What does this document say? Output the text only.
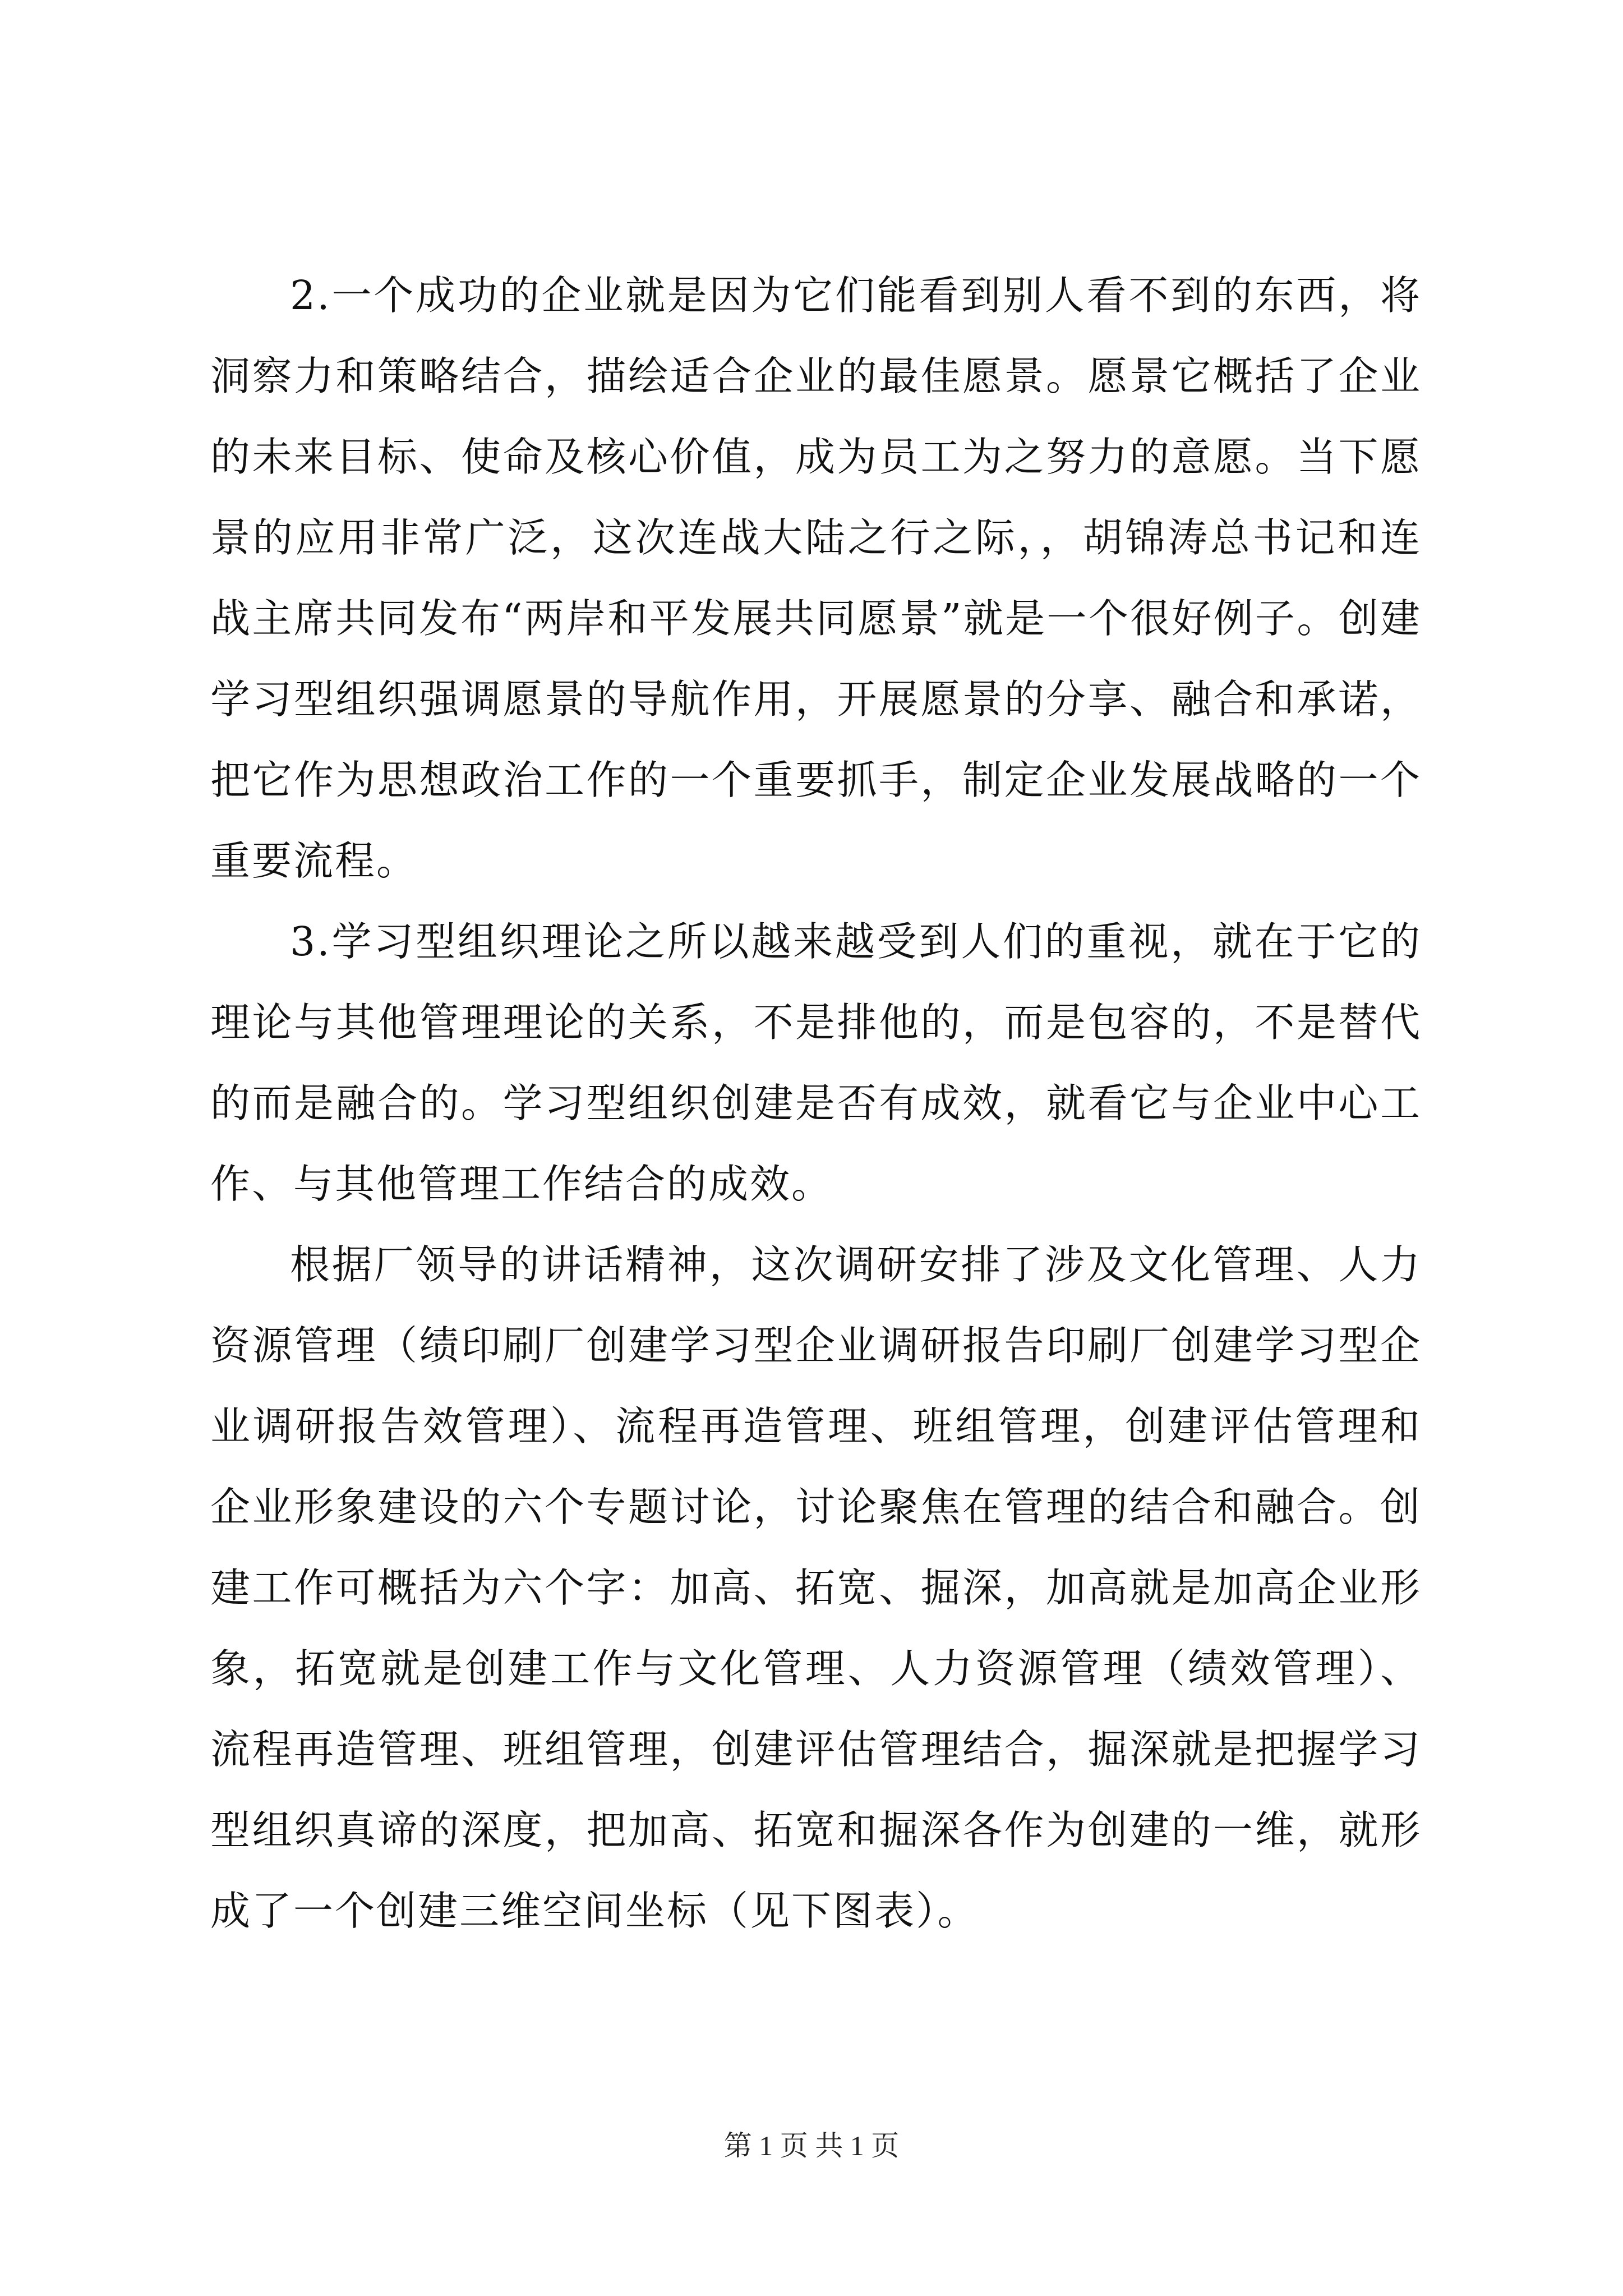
2.一个成功的企业就是因为它们能看到别人看不到的东西，将洞察力和策略结合，描绘适合企业的最佳愿景。愿景它概括了企业的未来目标、使命及核心价值，成为员工为之努力的意愿。当下愿景的应用非常广泛，这次连战大陆之行之际，，胡锦涛总书记和连战主席共同发布“两岸和平发展共同愿景”就是一个很好例子。创建学习型组织强调愿景的导航作用，开展愿景的分享、融合和承诺，把它作为思想政治工作的一个重要抓手，制定企业发展战略的一个重要流程。

3.学习型组织理论之所以越来越受到人们的重视，就在于它的理论与其他管理理论的关系，不是排他的，而是包容的，不是替代的而是融合的。学习型组织创建是否有成效，就看它与企业中心工作、与其他管理工作结合的成效。

根据厂领导的讲话精神，这次调研安排了涉及文化管理、人力资源管理（绩印刷厂创建学习型企业调研报告印刷厂创建学习型企业调研报告效管理）、流程再造管理、班组管理，创建评估管理和企业形象建设的六个专题讨论，讨论聚焦在管理的结合和融合。创建工作可概括为六个字：加高、拓宽、掘深，加高就是加高企业形象，拓宽就是创建工作与文化管理、人力资源管理（绩效管理）、流程再造管理、班组管理，创建评估管理结合，掘深就是把握学习型组织真谛的深度，把加高、拓宽和掘深各作为创建的一维，就形成了一个创建三维空间坐标（见下图表）。

第 1 页 共 1 页
